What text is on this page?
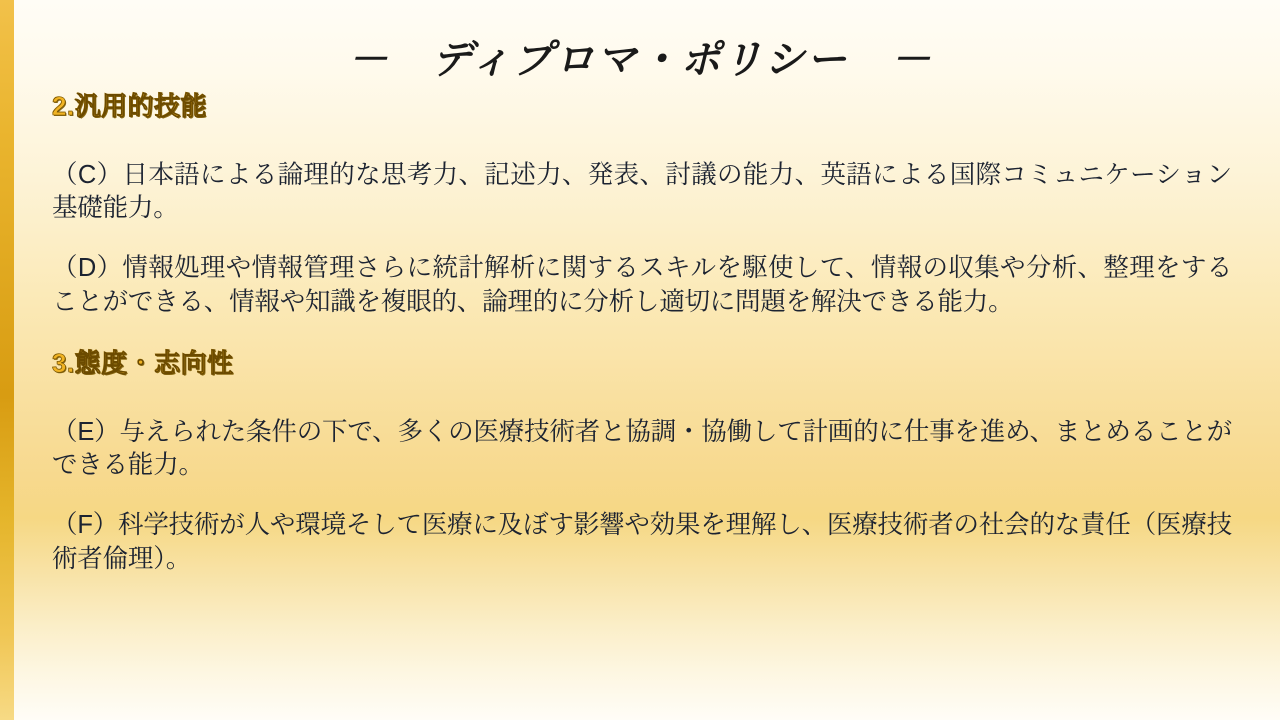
－　ディプロマ・ポリシー　－
2.汎用的技能
（C）日本語による論理的な思考力、記述力、発表、討議の能力、英語による国際コミュニケーション基礎能力。
（D）情報処理や情報管理さらに統計解析に関するスキルを駆使して、情報の収集や分析、整理をすることができる、情報や知識を複眼的、論理的に分析し適切に問題を解決できる能力。
3.態度・志向性
（E）与えられた条件の下で、多くの医療技術者と協調・協働して計画的に仕事を進め、まとめることができる能力。
（F）科学技術が人や環境そして医療に及ぼす影響や効果を理解し、医療技術者の社会的な責任（医療技術者倫理）。
